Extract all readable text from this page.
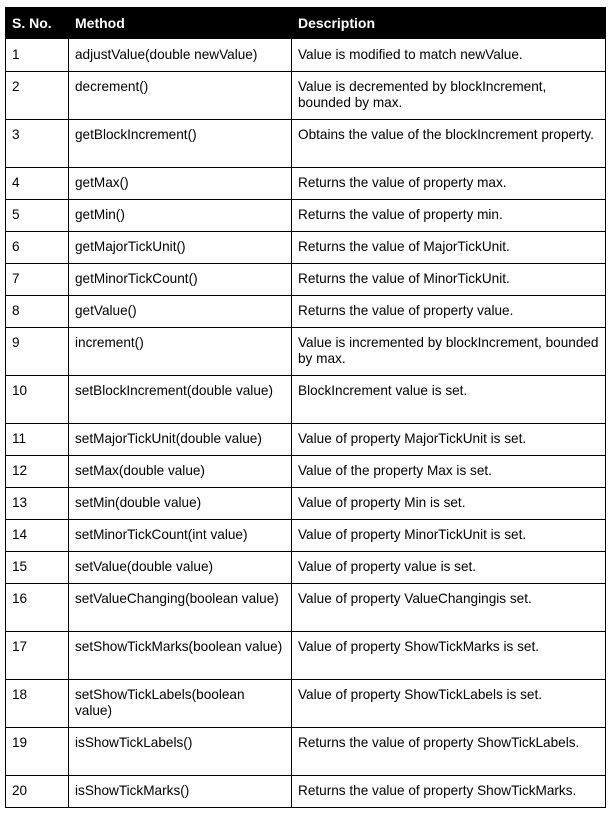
S. No.	Method	Description
1	adjustValue(double newValue)	Value is modified to match newValue.
2	decrement()	Value is decremented by blockIncrement, bounded by max.
3	getBlockIncrement()	Obtains the value of the blockIncrement property.
4	getMax()	Returns the value of property max.
5	getMin()	Returns the value of property min.
6	getMajorTickUnit()	Returns the value of MajorTickUnit.
7	getMinorTickCount()	Returns the value of MinorTickUnit.
8	getValue()	Returns the value of property value.
9	increment()	Value is incremented by blockIncrement, bounded by max.
10	setBlockIncrement(double value)	BlockIncrement value is set.
11	setMajorTickUnit(double value)	Value of property MajorTickUnit is set.
12	setMax(double value)	Value of the property Max is set.
13	setMin(double value)	Value of property Min is set.
14	setMinorTickCount(int value)	Value of property MinorTickUnit is set.
15	setValue(double value)	Value of property value is set.
16	setValueChanging(boolean value)	Value of property ValueChangingis set.
17	setShowTickMarks(boolean value)	Value of property ShowTickMarks is set.
18	setShowTickLabels(boolean value)	Value of property ShowTickLabels is set.
19	isShowTickLabels()	Returns the value of property ShowTickLabels.
20	isShowTickMarks()	Returns the value of property ShowTickMarks.
